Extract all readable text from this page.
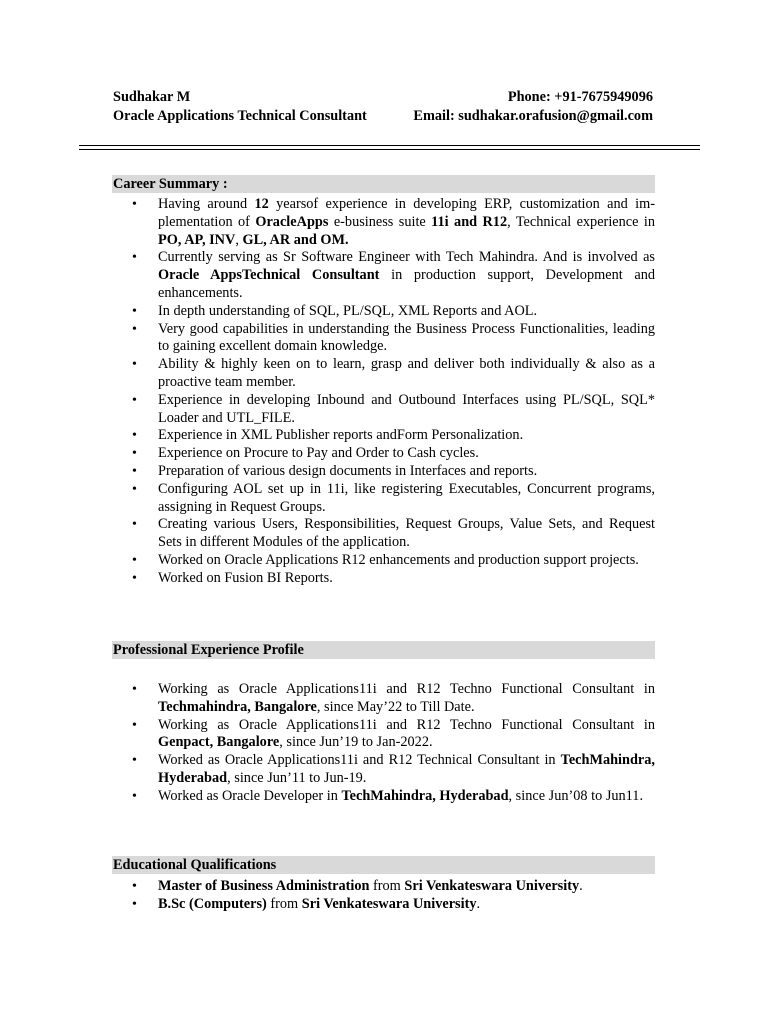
Sudhakar M	Phone: +91-7675949096
Oracle Applications Technical Consultant	Email: sudhakar.orafusion@gmail.com
Career Summary :
• Having around 12 yearsof experience in developing ERP, customization and implementation of OracleApps e-business suite 11i and R12, Technical experience in PO, AP, INV, GL, AR and OM.
• Currently serving as Sr Software Engineer with Tech Mahindra. And is involved as Oracle AppsTechnical Consultant in production support, Development and enhancements.
• In depth understanding of SQL, PL/SQL, XML Reports and AOL.
• Very good capabilities in understanding the Business Process Functionalities, leading to gaining excellent domain knowledge.
• Ability & highly keen on to learn, grasp and deliver both individually & also as a proactive team member.
• Experience in developing Inbound and Outbound Interfaces using PL/SQL, SQL* Loader and UTL_FILE.
• Experience in XML Publisher reports andForm Personalization.
• Experience on Procure to Pay and Order to Cash cycles.
• Preparation of various design documents in Interfaces and reports.
• Configuring AOL set up in 11i, like registering Executables, Concurrent programs, assigning in Request Groups.
• Creating various Users, Responsibilities, Request Groups, Value Sets, and Request Sets in different Modules of the application.
• Worked on Oracle Applications R12 enhancements and production support projects.
• Worked on Fusion BI Reports.
Professional Experience Profile
• Working as Oracle Applications11i and R12 Techno Functional Consultant in Techmahindra, Bangalore, since May’22 to Till Date.
• Working as Oracle Applications11i and R12 Techno Functional Consultant in Genpact, Bangalore, since Jun’19 to Jan-2022.
• Worked as Oracle Applications11i and R12 Technical Consultant in TechMahindra, Hyderabad, since Jun’11 to Jun-19.
• Worked as Oracle Developer in TechMahindra, Hyderabad, since Jun’08 to Jun11.
Educational Qualifications
• Master of Business Administration from Sri Venkateswara University.
• B.Sc (Computers) from Sri Venkateswara University.
